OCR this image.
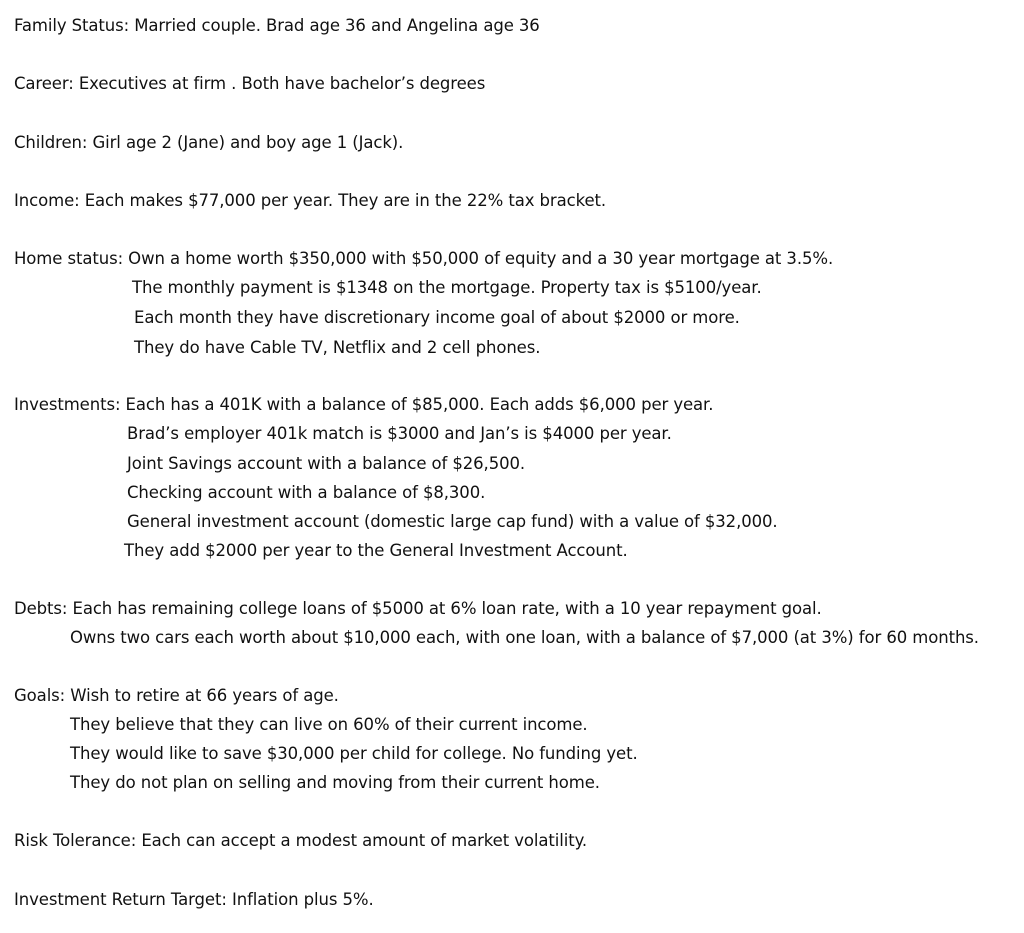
Family Status: Married couple. Brad age 36 and Angelina age 36
Career: Executives at firm . Both have bachelor’s degrees
Children: Girl age 2 (Jane) and boy age 1 (Jack).
Income: Each makes $77,000 per year. They are in the 22% tax bracket.
Home status: Own a home worth $350,000 with $50,000 of equity and a 30 year mortgage at 3.5%.
The monthly payment is $1348 on the mortgage. Property tax is $5100/year.
Each month they have discretionary income goal of about $2000 or more.
They do have Cable TV, Netflix and 2 cell phones.
Investments: Each has a 401K with a balance of $85,000. Each adds $6,000 per year.
Brad’s employer 401k match is $3000 and Jan’s is $4000 per year.
Joint Savings account with a balance of $26,500.
Checking account with a balance of $8,300.
General investment account (domestic large cap fund) with a value of $32,000.
They add $2000 per year to the General Investment Account.
Debts: Each has remaining college loans of $5000 at 6% loan rate, with a 10 year repayment goal.
Owns two cars each worth about $10,000 each, with one loan, with a balance of $7,000 (at 3%) for 60 months.
Goals: Wish to retire at 66 years of age.
They believe that they can live on 60% of their current income.
They would like to save $30,000 per child for college. No funding yet.
They do not plan on selling and moving from their current home.
Risk Tolerance: Each can accept a modest amount of market volatility.
Investment Return Target: Inflation plus 5%.
